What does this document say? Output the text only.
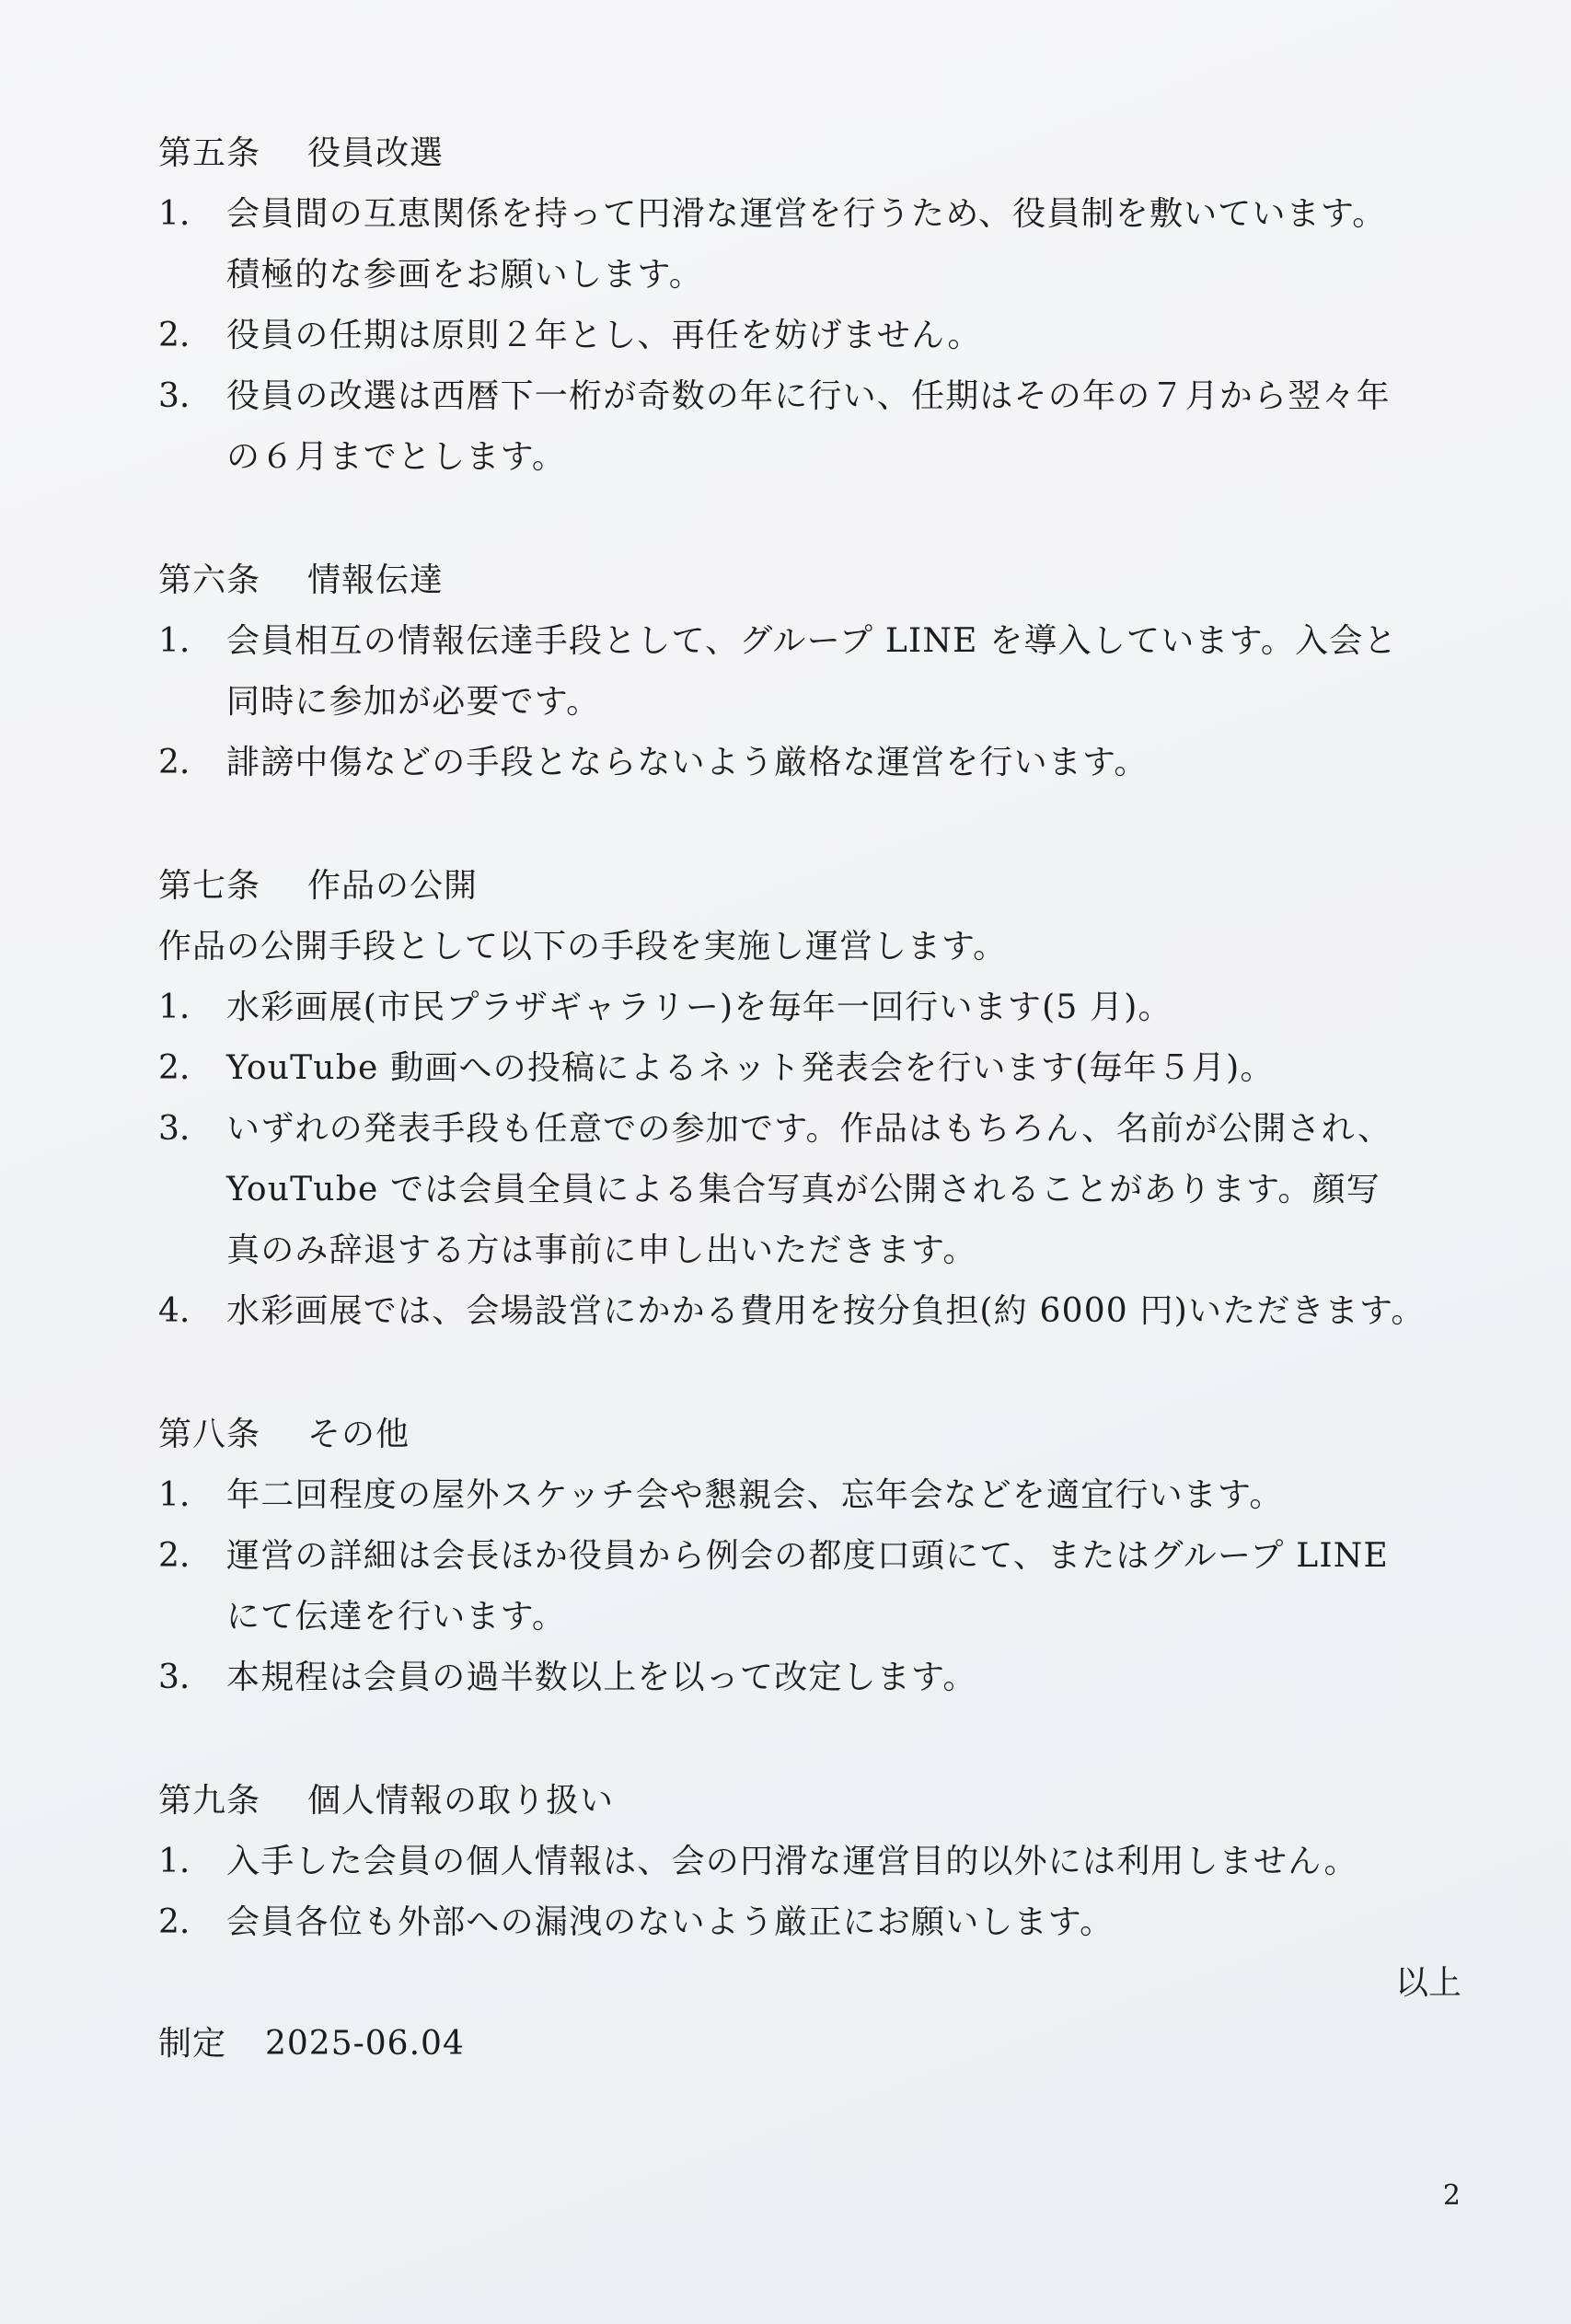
第五条 役員改選
1.	会員間の互恵関係を持って円滑な運営を行うため、役員制を敷いています。
積極的な参画をお願いします。
2.	役員の任期は原則２年とし、再任を妨げません。
3.	役員の改選は西暦下一桁が奇数の年に行い、任期はその年の７月から翌々年
の６月までとします。
第六条 情報伝達
1.	会員相互の情報伝達手段として、グループ LINE を導入しています。入会と
同時に参加が必要です。
2.	誹謗中傷などの手段とならないよう厳格な運営を行います。
第七条 作品の公開
作品の公開手段として以下の手段を実施し運営します。
1.	水彩画展(市民プラザギャラリー)を毎年一回行います(5 月)。
2.	YouTube 動画への投稿によるネット発表会を行います(毎年５月)。
3.	いずれの発表手段も任意での参加です。作品はもちろん、名前が公開され、
YouTube では会員全員による集合写真が公開されることがあります。顔写
真のみ辞退する方は事前に申し出いただきます。
4.	水彩画展では、会場設営にかかる費用を按分負担(約 6000 円)いただきます。
第八条 その他
1.	年二回程度の屋外スケッチ会や懇親会、忘年会などを適宜行います。
2.	運営の詳細は会長ほか役員から例会の都度口頭にて、またはグループ LINE
にて伝達を行います。
3.	本規程は会員の過半数以上を以って改定します。
第九条 個人情報の取り扱い
1.	入手した会員の個人情報は、会の円滑な運営目的以外には利用しません。
2.	会員各位も外部への漏洩のないよう厳正にお願いします。
以上
制定 2025-06.04
2
